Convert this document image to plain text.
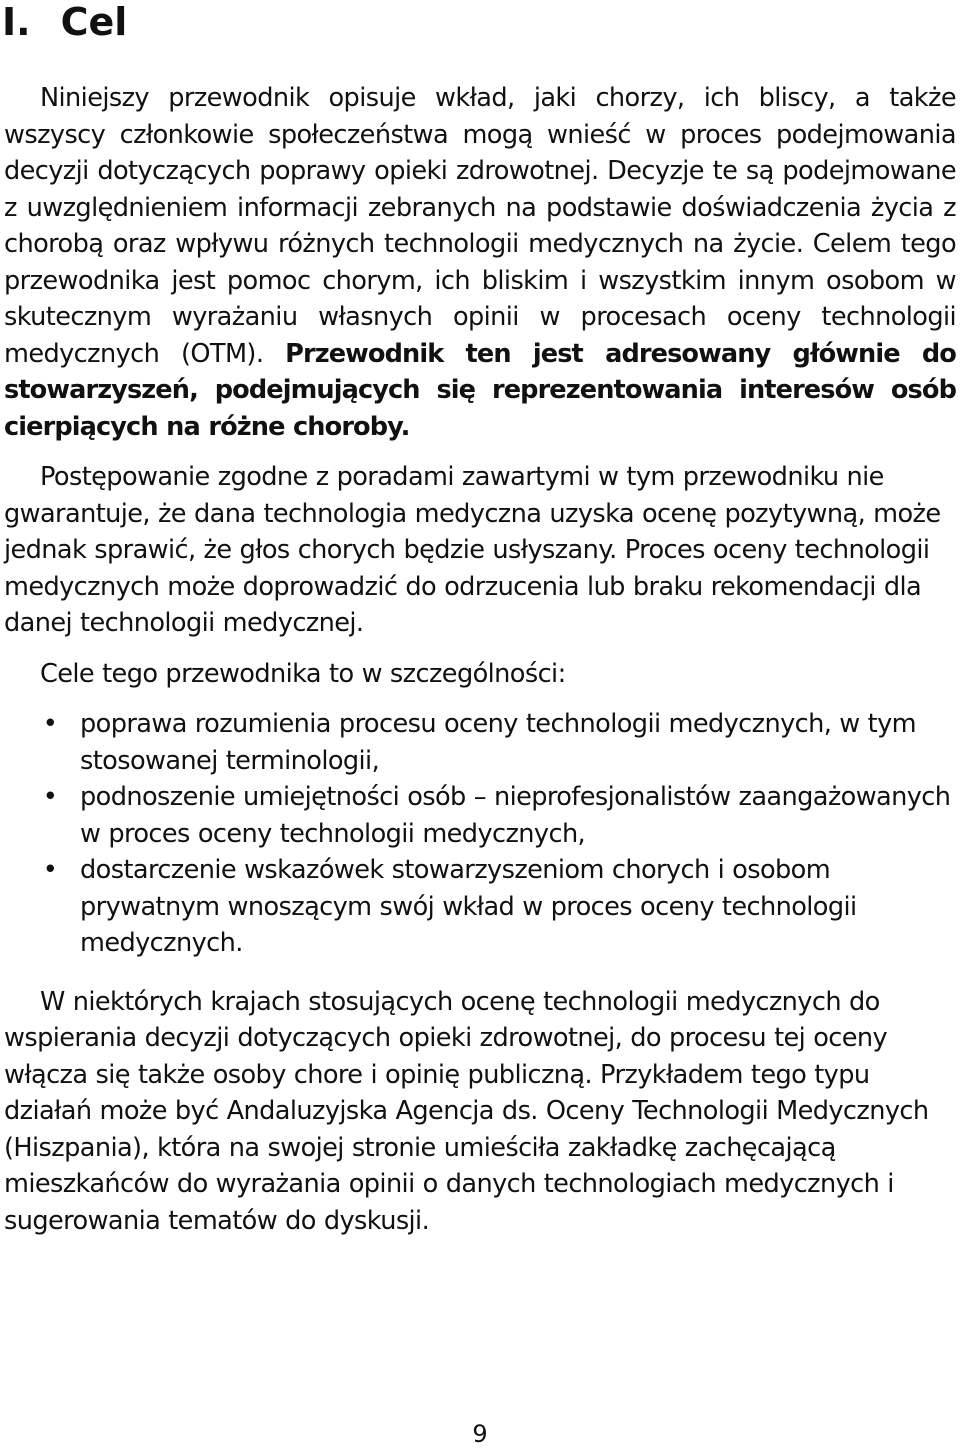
I. Cel

Niniejszy przewodnik opisuje wkład, jaki chorzy, ich bliscy, a także wszyscy członkowie społeczeństwa mogą wnieść w proces podejmowania decyzji dotyczących poprawy opieki zdrowotnej. Decyzje te są podejmowane z uwzględnieniem informacji zebranych na podstawie doświadczenia życia z chorobą oraz wpływu różnych technologii medycznych na życie. Celem tego przewodnika jest pomoc chorym, ich bliskim i wszystkim innym osobom w skutecznym wyrażaniu własnych opinii w procesach oceny technologii medycznych (OTM). Przewodnik ten jest adresowany głównie do stowarzyszeń, podejmujących się reprezentowania interesów osób cierpiących na różne choroby.

Postępowanie zgodne z poradami zawartymi w tym przewodniku nie gwarantuje, że dana technologia medyczna uzyska ocenę pozytywną, może jednak sprawić, że głos chorych będzie usłyszany. Proces oceny technologii medycznych może doprowadzić do odrzucenia lub braku rekomendacji dla danej technologii medycznej.

Cele tego przewodnika to w szczególności:

• poprawa rozumienia procesu oceny technologii medycznych, w tym stosowanej terminologii,
• podnoszenie umiejętności osób – nieprofesjonalistów zaangażowanych w proces oceny technologii medycznych,
• dostarczenie wskazówek stowarzyszeniom chorych i osobom prywatnym wnoszącym swój wkład w proces oceny technologii medycznych.

W niektórych krajach stosujących ocenę technologii medycznych do wspierania decyzji dotyczących opieki zdrowotnej, do procesu tej oceny włącza się także osoby chore i opinię publiczną. Przykładem tego typu działań może być Andaluzyjska Agencja ds. Oceny Technologii Medycznych (Hiszpania), która na swojej stronie umieściła zakładkę zachęcającą mieszkańców do wyrażania opinii o danych technologiach medycznych i sugerowania tematów do dyskusji.

9
